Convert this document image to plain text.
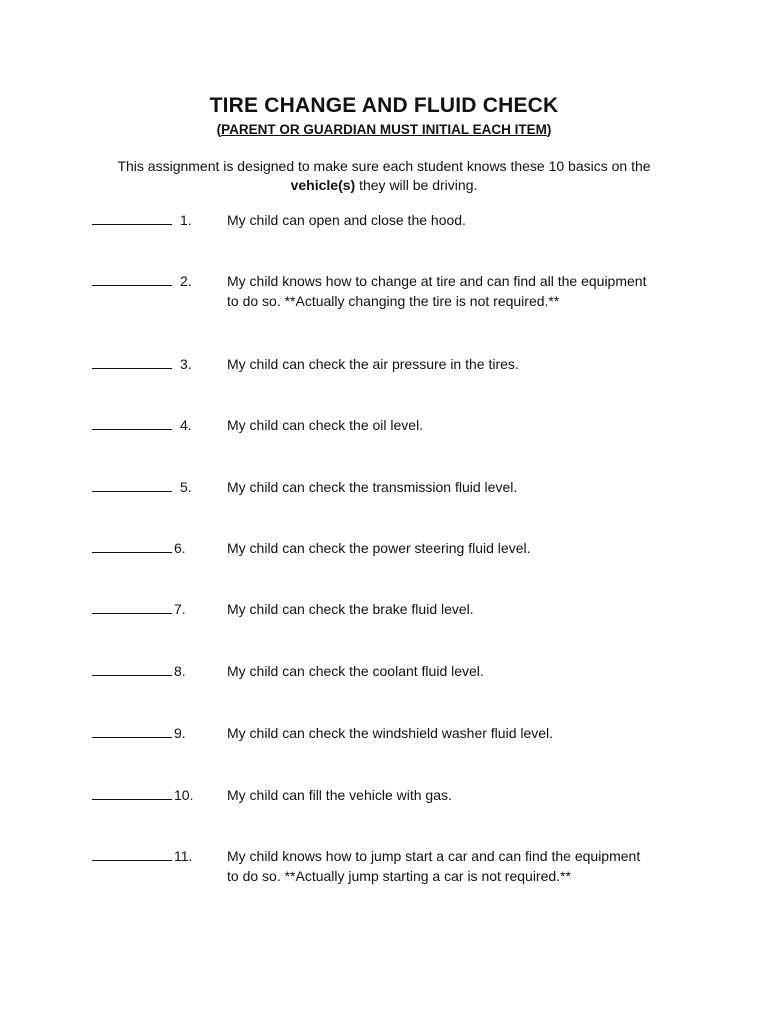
TIRE CHANGE AND FLUID CHECK
(PARENT OR GUARDIAN MUST INITIAL EACH ITEM)
This assignment is designed to make sure each student knows these 10 basics on the
vehicle(s) they will be driving.
1.	My child can open and close the hood.
2.	My child knows how to change at tire and can find all the equipment
to do so. **Actually changing the tire is not required.**
3.	My child can check the air pressure in the tires.
4.	My child can check the oil level.
5.	My child can check the transmission fluid level.
6.	My child can check the power steering fluid level.
7.	My child can check the brake fluid level.
8.	My child can check the coolant fluid level.
9.	My child can check the windshield washer fluid level.
10. My child can fill the vehicle with gas.
11. My child knows how to jump start a car and can find the equipment
to do so. **Actually jump starting a car is not required.**
